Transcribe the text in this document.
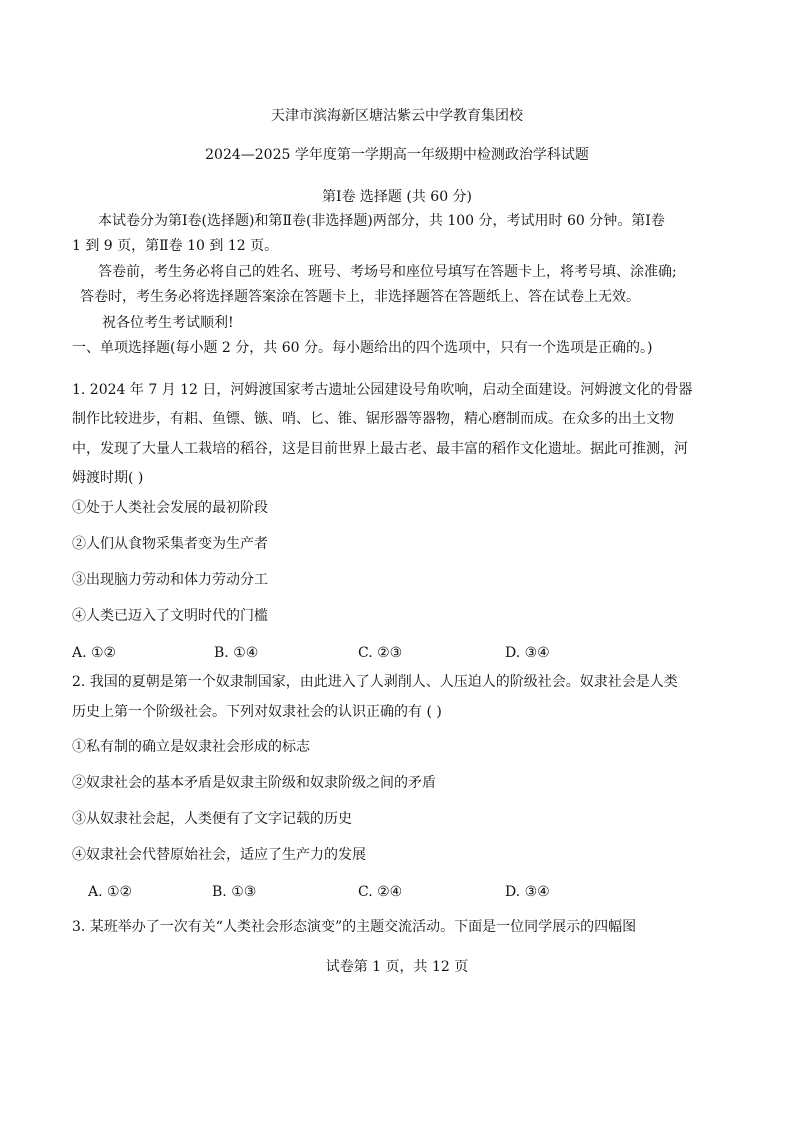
天津市滨海新区塘沽紫云中学教育集团校
2024—2025 学年度第一学期高一年级期中检测政治学科试题
第Ⅰ卷 选择题 (共 60 分)
本试卷分为第Ⅰ卷(选择题)和第Ⅱ卷(非选择题)两部分，共 100 分，考试用时 60 分钟。第Ⅰ卷
1 到 9 页，第Ⅱ卷 10 到 12 页。
答卷前，考生务必将自己的姓名、班号、考场号和座位号填写在答题卡上，将考号填、涂准确;
答卷时，考生务必将选择题答案涂在答题卡上，非选择题答在答题纸上、答在试卷上无效。
祝各位考生考试顺利!
一、单项选择题(每小题 2 分，共 60 分。每小题给出的四个选项中，只有一个选项是正确的。)
1. 2024 年 7 月 12 日，河姆渡国家考古遗址公园建设号角吹响，启动全面建设。河姆渡文化的骨器
制作比较进步，有耜、鱼镖、镞、哨、匕、锥、锯形器等器物，精心磨制而成。在众多的出土文物
中，发现了大量人工栽培的稻谷，这是目前世界上最古老、最丰富的稻作文化遗址。据此可推测，河
姆渡时期( )
①处于人类社会发展的最初阶段
②人们从食物采集者变为生产者
③出现脑力劳动和体力劳动分工
④人类已迈入了文明时代的门槛
A. ①②	B. ①④	C. ②③	D. ③④
2. 我国的夏朝是第一个奴隶制国家，由此进入了人剥削人、人压迫人的阶级社会。奴隶社会是人类
历史上第一个阶级社会。下列对奴隶社会的认识正确的有 ( )
①私有制的确立是奴隶社会形成的标志
②奴隶社会的基本矛盾是奴隶主阶级和奴隶阶级之间的矛盾
③从奴隶社会起，人类便有了文字记载的历史
④奴隶社会代替原始社会，适应了生产力的发展
A. ①②	B. ①③	C. ②④	D. ③④
3. 某班举办了一次有关“人类社会形态演变”的主题交流活动。下面是一位同学展示的四幅图
试卷第 1 页，共 12 页
